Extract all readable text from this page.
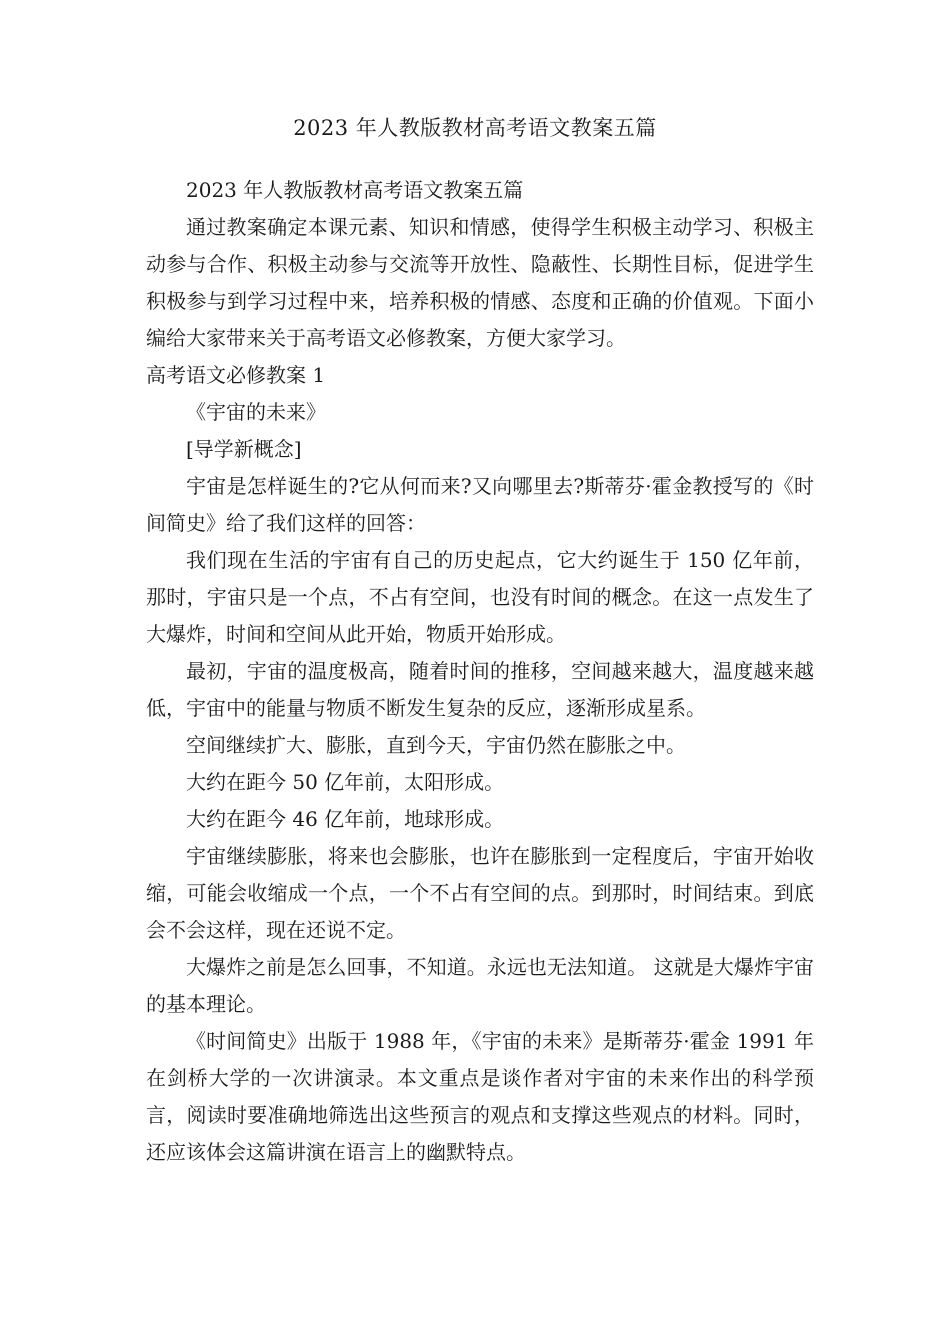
2023 年人教版教材高考语文教案五篇

2023 年人教版教材高考语文教案五篇

通过教案确定本课元素、知识和情感，使得学生积极主动学习、积极主动参与合作、积极主动参与交流等开放性、隐蔽性、长期性目标，促进学生积极参与到学习过程中来，培养积极的情感、态度和正确的价值观。下面小编给大家带来关于高考语文必修教案，方便大家学习。

高考语文必修教案 1

《宇宙的未来》

[导学新概念]

宇宙是怎样诞生的?它从何而来?又向哪里去?斯蒂芬·霍金教授写的《时间简史》给了我们这样的回答：

我们现在生活的宇宙有自己的历史起点，它大约诞生于 150 亿年前，那时，宇宙只是一个点，不占有空间，也没有时间的概念。在这一点发生了大爆炸，时间和空间从此开始，物质开始形成。

最初，宇宙的温度极高，随着时间的推移，空间越来越大，温度越来越低，宇宙中的能量与物质不断发生复杂的反应，逐渐形成星系。

空间继续扩大、膨胀，直到今天，宇宙仍然在膨胀之中。

大约在距今 50 亿年前，太阳形成。

大约在距今 46 亿年前，地球形成。

宇宙继续膨胀，将来也会膨胀，也许在膨胀到一定程度后，宇宙开始收缩，可能会收缩成一个点，一个不占有空间的点。到那时，时间结束。到底会不会这样，现在还说不定。

大爆炸之前是怎么回事，不知道。永远也无法知道。 这就是大爆炸宇宙的基本理论。

《时间简史》出版于 1988 年，《宇宙的未来》是斯蒂芬·霍金 1991 年在剑桥大学的一次讲演录。本文重点是谈作者对宇宙的未来作出的科学预言，阅读时要准确地筛选出这些预言的观点和支撑这些观点的材料。同时，还应该体会这篇讲演在语言上的幽默特点。
